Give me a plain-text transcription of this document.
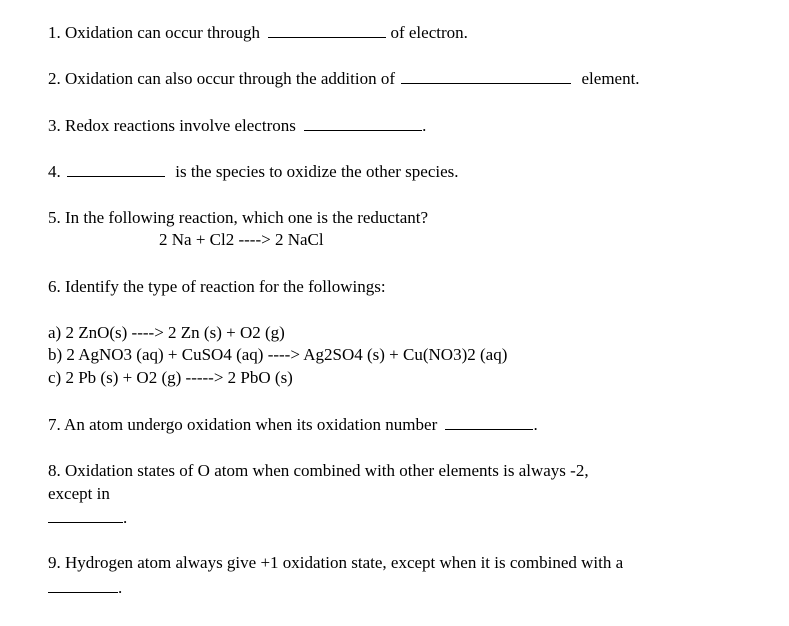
1. Oxidation can occur through	of electron.
2. Oxidation can also occur through the addition of	element.
3. Redox reactions involve electrons	.
4.	is the species to oxidize the other species.
5. In the following reaction, which one is the reductant?
2 Na + Cl2 ----> 2 NaCl
6. Identify the type of reaction for the followings:
a) 2 ZnO(s) ----> 2 Zn (s) + O2 (g)
b) 2 AgNO3 (aq) + CuSO4 (aq) ----> Ag2SO4 (s) + Cu(NO3)2 (aq)
c) 2 Pb (s) + O2 (g) -----> 2 PbO (s)
7. An atom undergo oxidation when its oxidation number	.
8. Oxidation states of O atom when combined with other elements is always -2,
except in
.
9. Hydrogen atom always give +1 oxidation state, except when it is combined with a
.
